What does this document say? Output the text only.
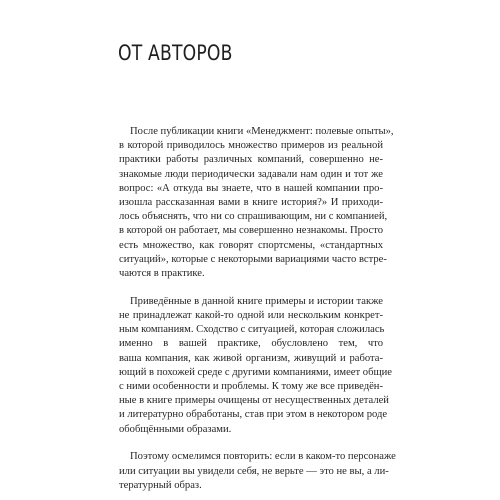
ОТ АВТОРОВ

После публикации книги «Менеджмент: полевые опыты»,
в которой приводилось множество примеров из реальной
практики работы различных компаний, совершенно не-
знакомые люди периодически задавали нам один и тот же
вопрос: «А откуда вы знаете, что в нашей компании про-
изошла рассказанная вами в книге история?» И приходи-
лось объяснять, что ни со спрашивающим, ни с компанией,
в которой он работает, мы совершенно незнакомы. Просто
есть множество, как говорят спортсмены, «стандартных
ситуаций», которые с некоторыми вариациями часто встре-
чаются в практике.

Приведённые в данной книге примеры и истории также
не принадлежат какой-то одной или нескольким конкрет-
ным компаниям. Сходство с ситуацией, которая сложилась
именно в вашей практике, обусловлено тем, что
ваша компания, как живой организм, живущий и работа-
ющий в похожей среде с другими компаниями, имеет общие
с ними особенности и проблемы. К тому же все приведён-
ные в книге примеры очищены от несущественных деталей
и литературно обработаны, став при этом в некотором роде
обобщёнными образами.

Поэтому осмелимся повторить: если в каком-то персонаже
или ситуации вы увидели себя, не верьте — это не вы, а ли-
тературный образ.
